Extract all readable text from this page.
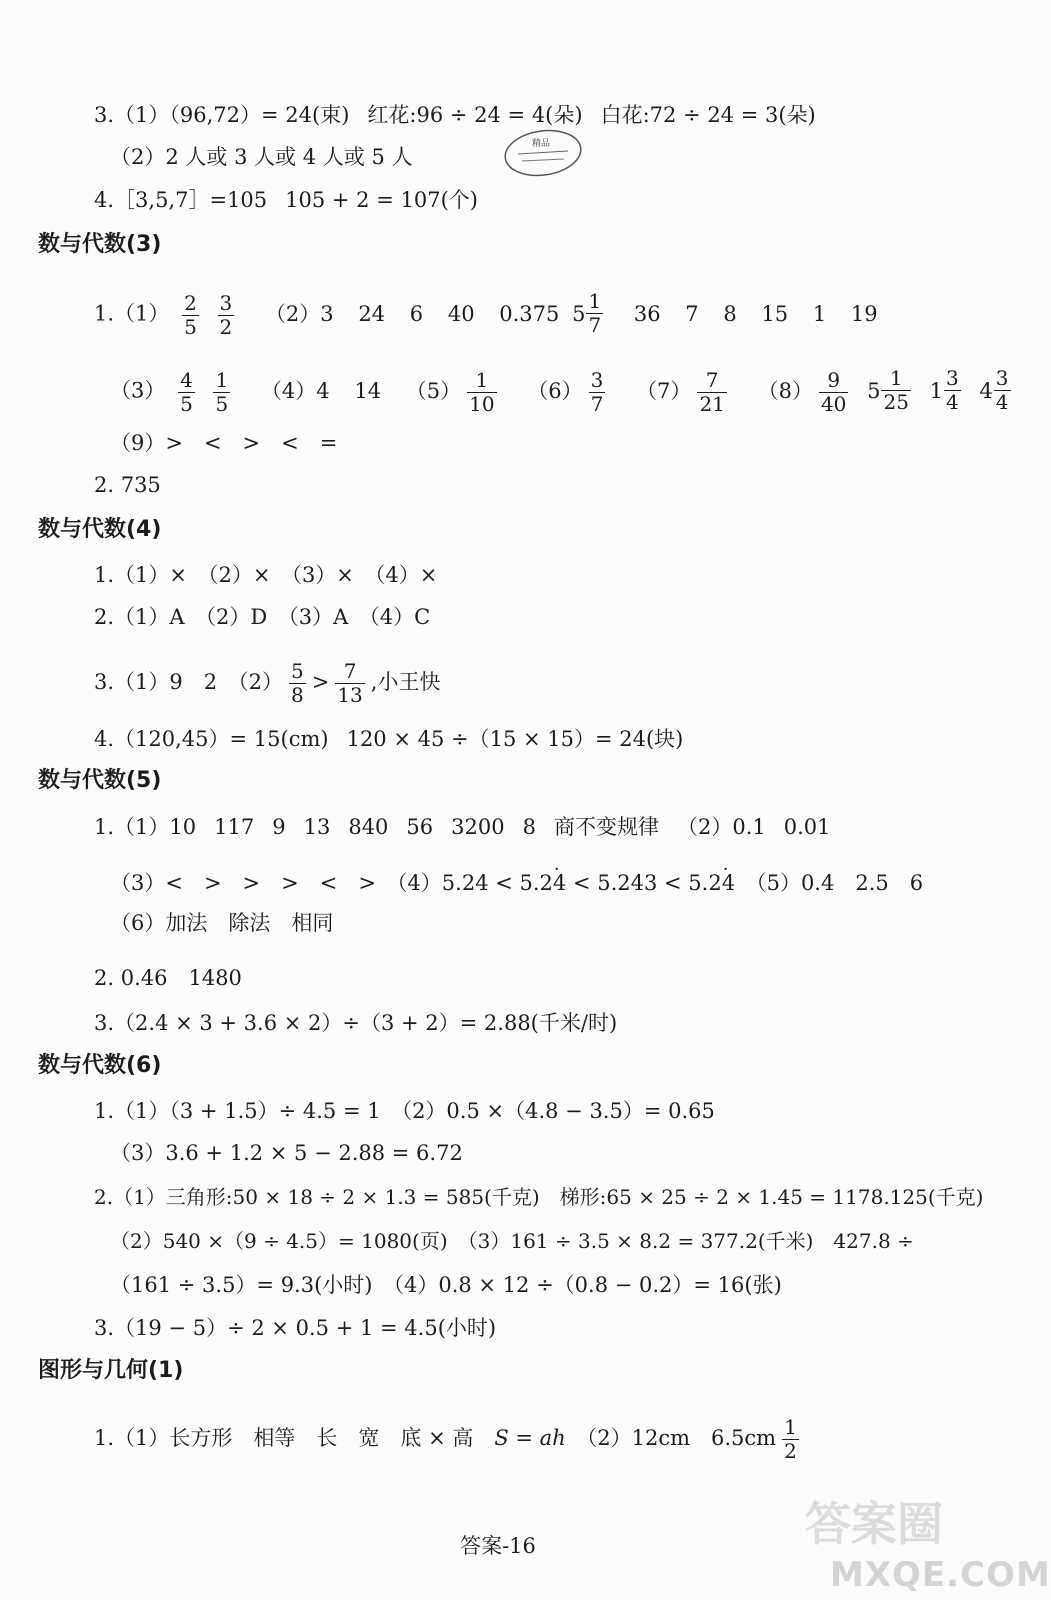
精品
3.（1）（96,72）= 24(束) 红花:96 ÷ 24 = 4(朵) 白花:72 ÷ 24 = 3(朵)
（2）2 人或 3 人或 4 人或 5 人
4.［3,5,7］=105 105 + 2 = 107(个)
数与代数(3)
$1.(1) \frac{2}{5}$
$\frac{3}{2} (2)3$ 24 6 40 0.375 5
1
7 36 7 8 15 1 19
$(3) \frac{4}{5}$
$\frac{1}{5} (4)4$ 14 $(5) \frac{1}{10} (6) \frac{3}{7} (7) \frac{7}{21} (8) \frac{9}{40}$
5
1
25
1
3
4
4
3
4
（9）>　<　>　<　=
2. 735
数与代数(4)
1.（1）×　（2）×　（3）×　（4）×
2.（1）A　（2）D　（3）A　（4）C
3.（1）9　2　$(2) \frac{5}{8} > \frac{7}{13}$ ,小王快
4.（120,45）= 15(cm) 120 × 45 ÷（15 × 15）= 24(块)
数与代数(5)
1.（1）10 117 9 13 840 56 3200 8 商不变规律 （2）0.1 0.01
（3）<　>　>　>　<　>　 （4）5.24 < 5.2· 4 < 5.243 < 5.2· 4　 （5）0.4　2.5　6
（6）加法　除法　相同
2. 0.46　1480
3.（2.4 × 3 + 3.6 × 2）÷（3 + 2）= 2.88(千米/时)
数与代数(6)
1.（1）（3 + 1.5）÷ 4.5 = 1　（2）0.5 ×（4.8 − 3.5）= 0.65
（3）3.6 + 1.2 × 5 − 2.88 = 6.72
2.（1）三角形:50 × 18 ÷ 2 × 1.3 = 585(千克)　梯形:65 × 25 ÷ 2 × 1.45 = 1178.125(千克)
（2）540 ×（9 ÷ 4.5）= 1080(页)　（3）161 ÷ 3.5 × 8.2 = 377.2(千米)　427.8 ÷
（161 ÷ 3.5）= 9.3(小时)　（4）0.8 × 12 ÷（0.8 − 0.2）= 16(张)
3.（19 − 5）÷ 2 × 0.5 + 1 = 4.5(小时)
图形与几何(1)
1.（1）长方形　相等　长　宽　底 × 高　 S = ah　 （2）12cm　$6.5cm \frac{1}{2}$
答案-16	答案圈
MXQE.COM
